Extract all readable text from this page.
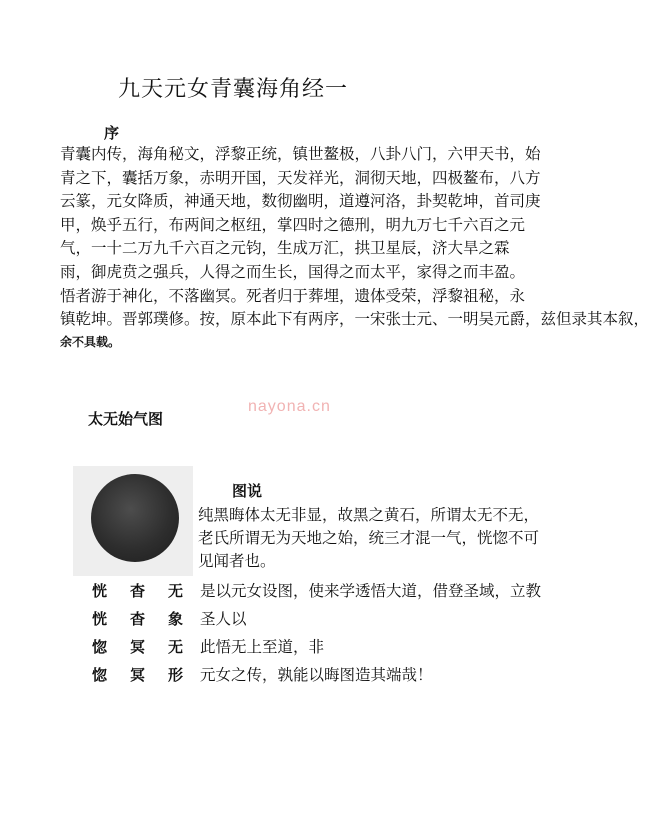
九天元女青囊海角经一
序
青囊内传，海角秘文，浮黎正统，镇世鳌极，八卦八门，六甲天书，始
青之下，囊括万象，赤明开国，天发祥光，洞彻天地，四极鳌布，八方
云篆，元女降质，神通天地，数彻幽明，道遵河洛，卦契乾坤，首司庚
甲，焕乎五行，布两间之枢纽，掌四时之德刑，明九万七千六百之元
气，一十二万九千六百之元钧，生成万汇，拱卫星辰，济大旱之霖
雨，御虎贲之强兵，人得之而生长，国得之而太平，家得之而丰盈。
悟者游于神化，不落幽冥。死者归于葬埋，遗体受荣，浮黎祖秘，永
镇乾坤。晋郭璞修。按，原本此下有两序，一宋张士元、一明吴元爵，兹但录其本叙，
余不具载。
nayona.cn
太无始气图
图说
纯黑晦体太无非显，故黑之黄石，所谓太无不无，
老氏所谓无为天地之始，统三才混一气，恍惚不可
见闻者也。
恍 杳 无
恍 杳 象
惚 冥 无
惚 冥 形
是以元女设图，使来学透悟大道，借登圣域，立教
圣人以
此悟无上至道，非
元女之传，孰能以晦图造其端哉！
